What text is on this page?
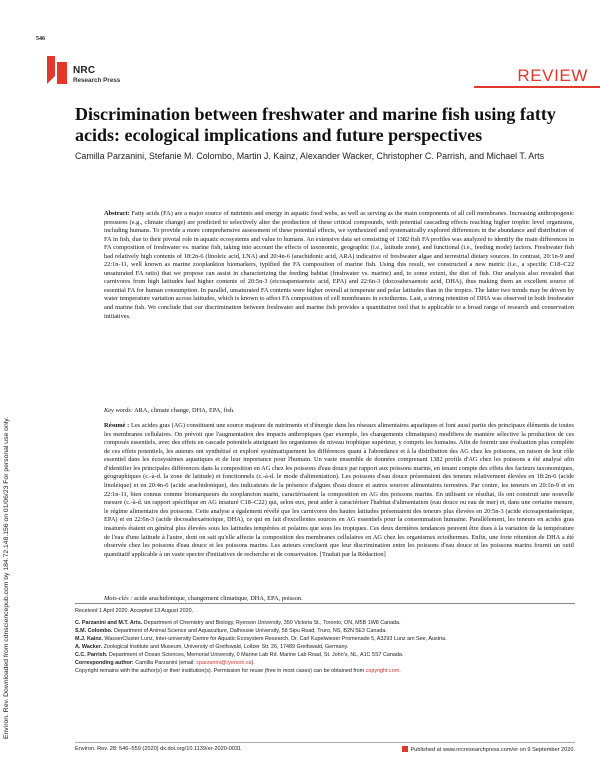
546
NRC
Research Press	REVIEW
Discrimination between freshwater and marine fish using fatty acids: ecological implications and future perspectives
Camilla Parzanini, Stefanie M. Colombo, Martin J. Kainz, Alexander Wacker, Christopher C. Parrish, and Michael T. Arts
Environ. Rev. Downloaded from cdnsciencepub.com by 184.72.148.156 on 01/06/23 For personal use only.
Abstract: Fatty acids (FA) are a major source of nutrients and energy in aquatic food webs, as well as serving as the main components of all cell membranes. Increasing anthropogenic pressures (e.g., climate change) are predicted to selectively alter the production of these critical compounds, with potential cascading effects reaching higher trophic level organisms, including humans. To provide a more comprehensive assessment of these potential effects, we synthesized and systematically explored differences in the abundance and distribution of FA in fish, due to their pivotal role in aquatic ecosystems and value to humans. An extensive data set consisting of 1382 fish FA profiles was analyzed to identify the main differences in FA composition of freshwater vs. marine fish, taking into account the effects of taxonomic, geographic (i.e., latitude zone), and functional (i.e., feeding mode) factors. Freshwater fish had relatively high contents of 18:2n-6 (linoleic acid, LNA) and 20:4n-6 (arachidonic acid, ARA) indicative of freshwater algae and terrestrial dietary sources. In contrast, 20:1n-9 and 22:1n-11, well known as marine zooplankton biomarkers, typified the FA composition of marine fish. Using this result, we constructed a new metric (i.e., a specific C18–C22 unsaturated FA ratio) that we propose can assist in characterizing the feeding habitat (freshwater vs. marine) and, to some extent, the diet of fish. Our analysis also revealed that carnivores from high latitudes had higher contents of 20:5n-3 (eicosapentaenoic acid, EPA) and 22:6n-3 (docosahexaenoic acid, DHA), thus making them an excellent source of essential FA for human consumption. In parallel, unsaturated FA contents were higher overall at temperate and polar latitudes than in the tropics. The latter two trends may be driven by water temperature variation across latitudes, which is known to affect FA composition of cell membranes in ectotherms. Last, a strong retention of DHA was observed in both freshwater and marine fish. We conclude that our discrimination between freshwater and marine fish provides a quantitative tool that is applicable to a broad range of research and conservation initiatives.
Key words: ARA, climate change, DHA, EPA, fish.
Résumé : Les acides gras (AG) constituent une source majeure de nutriments et d'énergie dans les réseaux alimentaires aquatiques et font aussi partie des principaux éléments de toutes les membranes cellulaires. On prévoit que l'augmentation des impacts anthropiques (par exemple, les changements climatiques) modifiera de manière sélective la production de ces composés essentiels, avec des effets en cascade potentiels atteignant les organismes de niveau trophique supérieur, y compris les humains. Afin de fournir une évaluation plus complète de ces effets potentiels, les auteurs ont synthétisé et exploré systématiquement les différences quant à l'abondance et à la distribution des AG chez les poissons, en raison de leur rôle essentiel dans les écosystèmes aquatiques et de leur importance pour l'humain. Un vaste ensemble de données comprenant 1382 profils d'AG chez les poissons a été analysé afin d'identifier les principales différences dans la composition en AG chez les poissons d'eau douce par rapport aux poissons marins, en tenant compte des effets des facteurs taxonomiques, géographiques (c.-à-d. la zone de latitude) et fonctionnels (c.-à-d. le mode d'alimentation). Les poissons d'eau douce présentaient des teneurs relativement élevées en 18:2n-6 (acide linoléique) et en 20:4n-6 (acide arachidonique), des indicateurs de la présence d'algues d'eau douce et autres sources alimentaires terrestres. Par contre, les teneurs en 20:1n-9 et en 22:1n-11, bien connus comme biomarqueurs du zooplancton marin, caractérisaient la composition en AG des poissons marins. En utilisant ce résultat, ils ont construit une nouvelle mesure (c.-à-d. un rapport spécifique en AG insaturé C18–C22) qui, selon eux, peut aider à caractériser l'habitat d'alimentation (eau douce ou eau de mer) et, dans une certaine mesure, le régime alimentaire des poissons. Cette analyse a également révélé que les carnivores des hautes latitudes présentaient des teneurs plus élevées en 20:5n-3 (acide eicosapentaénoïque, EPA) et en 22:6n-3 (acide docosahexaénoïque, DHA), ce qui en fait d'excellentes sources en AG essentiels pour la consommation humaine. Parallèlement, les teneurs en acides gras insaturés étaient en général plus élevées sous les latitudes tempérées et polaires que sous les tropiques. Ces deux dernières tendances peuvent être dues à la variation de la température de l'eau d'une latitude à l'autre, dont on sait qu'elle affecte la composition des membranes cellulaires en AG chez les organismes ectothermes. Enfin, une forte rétention de DHA a été observée chez les poissons d'eau douce et les poissons marins. Les auteurs concluent que leur discrimination entre les poissons d'eau douce et les poissons marins fournit un outil quantitatif applicable à un vaste spectre d'initiatives de recherche et de conservation. [Traduit par la Rédaction]
Mots-clés : acide arachidonique, changement climatique, DHA, EPA, poisson.
Received 1 April 2020. Accepted 13 August 2020.
C. Parzanini and M.T. Arts. Department of Chemistry and Biology, Ryerson University, 350 Victoria St., Toronto, ON, M5B 1W8 Canada.
S.M. Colombo. Department of Animal Science and Aquaculture, Dalhousie University, 58 Sipu Road, Truro, NS, B2N 5E3 Canada.
M.J. Kainz. WasserCluster Lunz, Inter-university Centre for Aquatic Ecosystem Research, Dr. Carl Kupelwieser Promenade 5, A3293 Lunz am See, Austria.
A. Wacker. Zoological Institute and Museum, University of Greifswald, Loitzer Str. 26, 17489 Greifswald, Germany.
C.C. Parrish. Department of Ocean Sciences, Memorial University, 0 Marine Lab Rd. Marine Lab Road, St. John's, NL, A1C 5S7 Canada.
Corresponding author: Camilla Parzanini (email: cparzanini@ryerson.ca).
Copyright remains with the author(s) or their institution(s). Permission for reuse (free in most cases) can be obtained from copyright.com.
Environ. Rev. 28: 546–559 (2020) dx.doi.org/10.1139/er-2020-0031	Published at www.nrcresearchpress.com/er on 9 September 2020.
